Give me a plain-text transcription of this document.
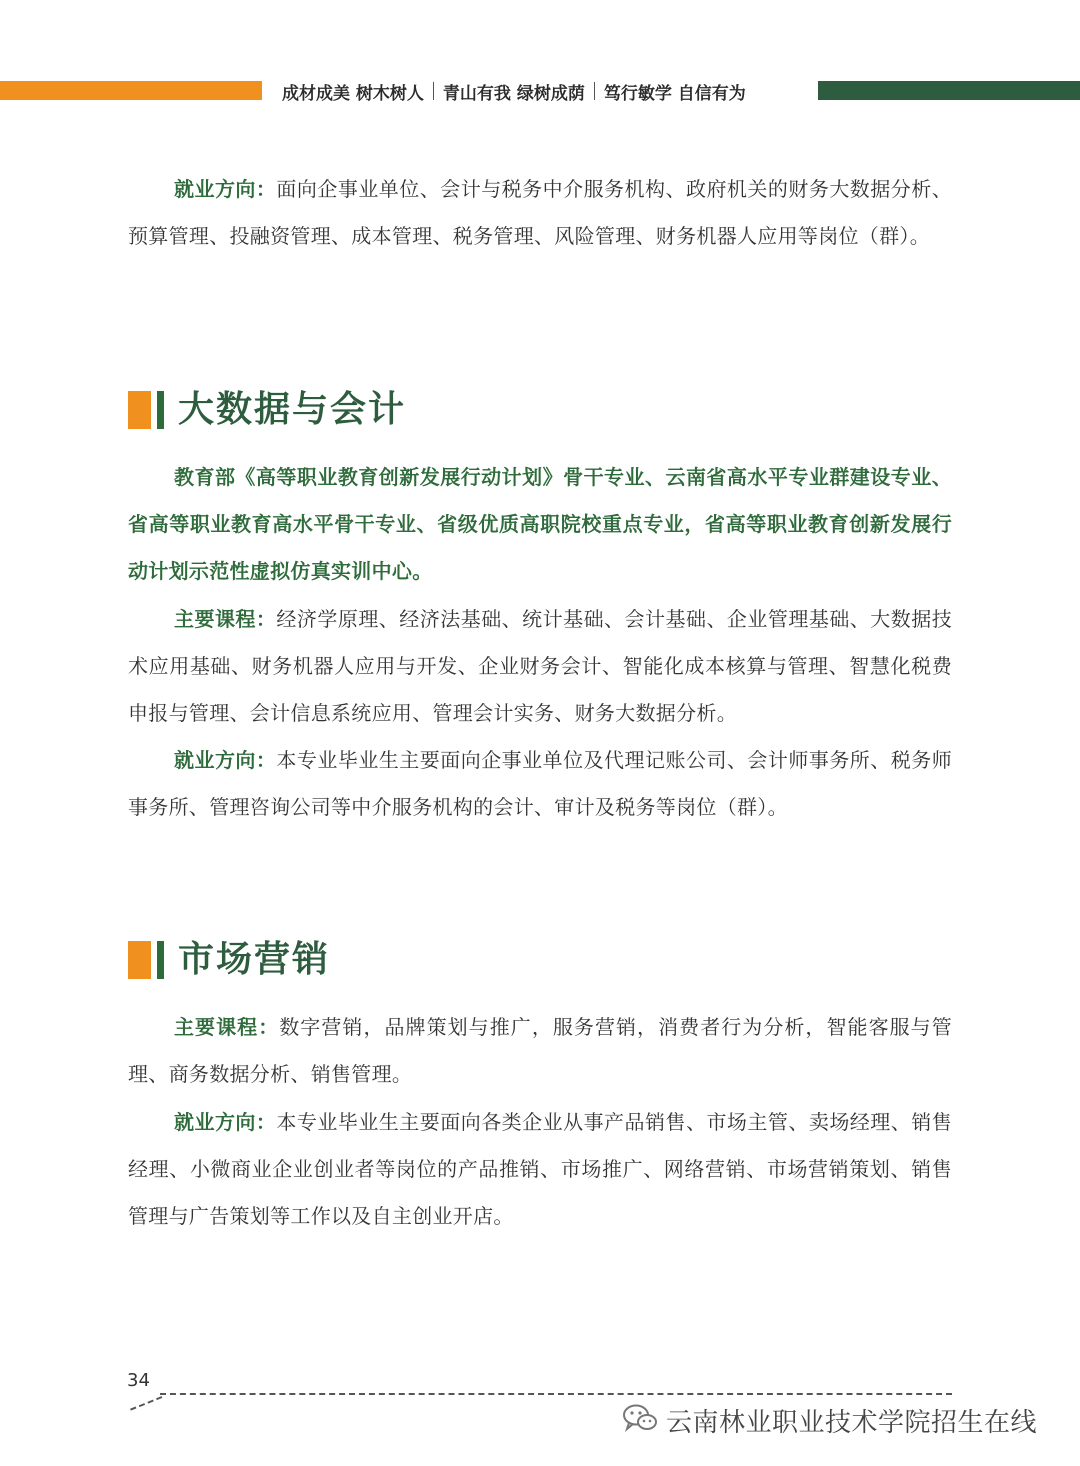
成材成美 树木树人 青山有我 绿树成荫 笃行敏学 自信有为

就业方向：面向企事业单位、会计与税务中介服务机构、政府机关的财务大数据分析、预算管理、投融资管理、成本管理、税务管理、风险管理、财务机器人应用等岗位（群）。

大数据与会计

教育部《高等职业教育创新发展行动计划》骨干专业、云南省高水平专业群建设专业、省高等职业教育高水平骨干专业、省级优质高职院校重点专业，省高等职业教育创新发展行动计划示范性虚拟仿真实训中心。

主要课程：经济学原理、经济法基础、统计基础、会计基础、企业管理基础、大数据技术应用基础、财务机器人应用与开发、企业财务会计、智能化成本核算与管理、智慧化税费申报与管理、会计信息系统应用、管理会计实务、财务大数据分析。

就业方向：本专业毕业生主要面向企事业单位及代理记账公司、会计师事务所、税务师事务所、管理咨询公司等中介服务机构的会计、审计及税务等岗位（群）。

市场营销

主要课程：数字营销，品牌策划与推广，服务营销，消费者行为分析，智能客服与管理、商务数据分析、销售管理。

就业方向：本专业毕业生主要面向各类企业从事产品销售、市场主管、卖场经理、销售经理、小微商业企业创业者等岗位的产品推销、市场推广、网络营销、市场营销策划、销售管理与广告策划等工作以及自主创业开店。

34
云南林业职业技术学院招生在线
